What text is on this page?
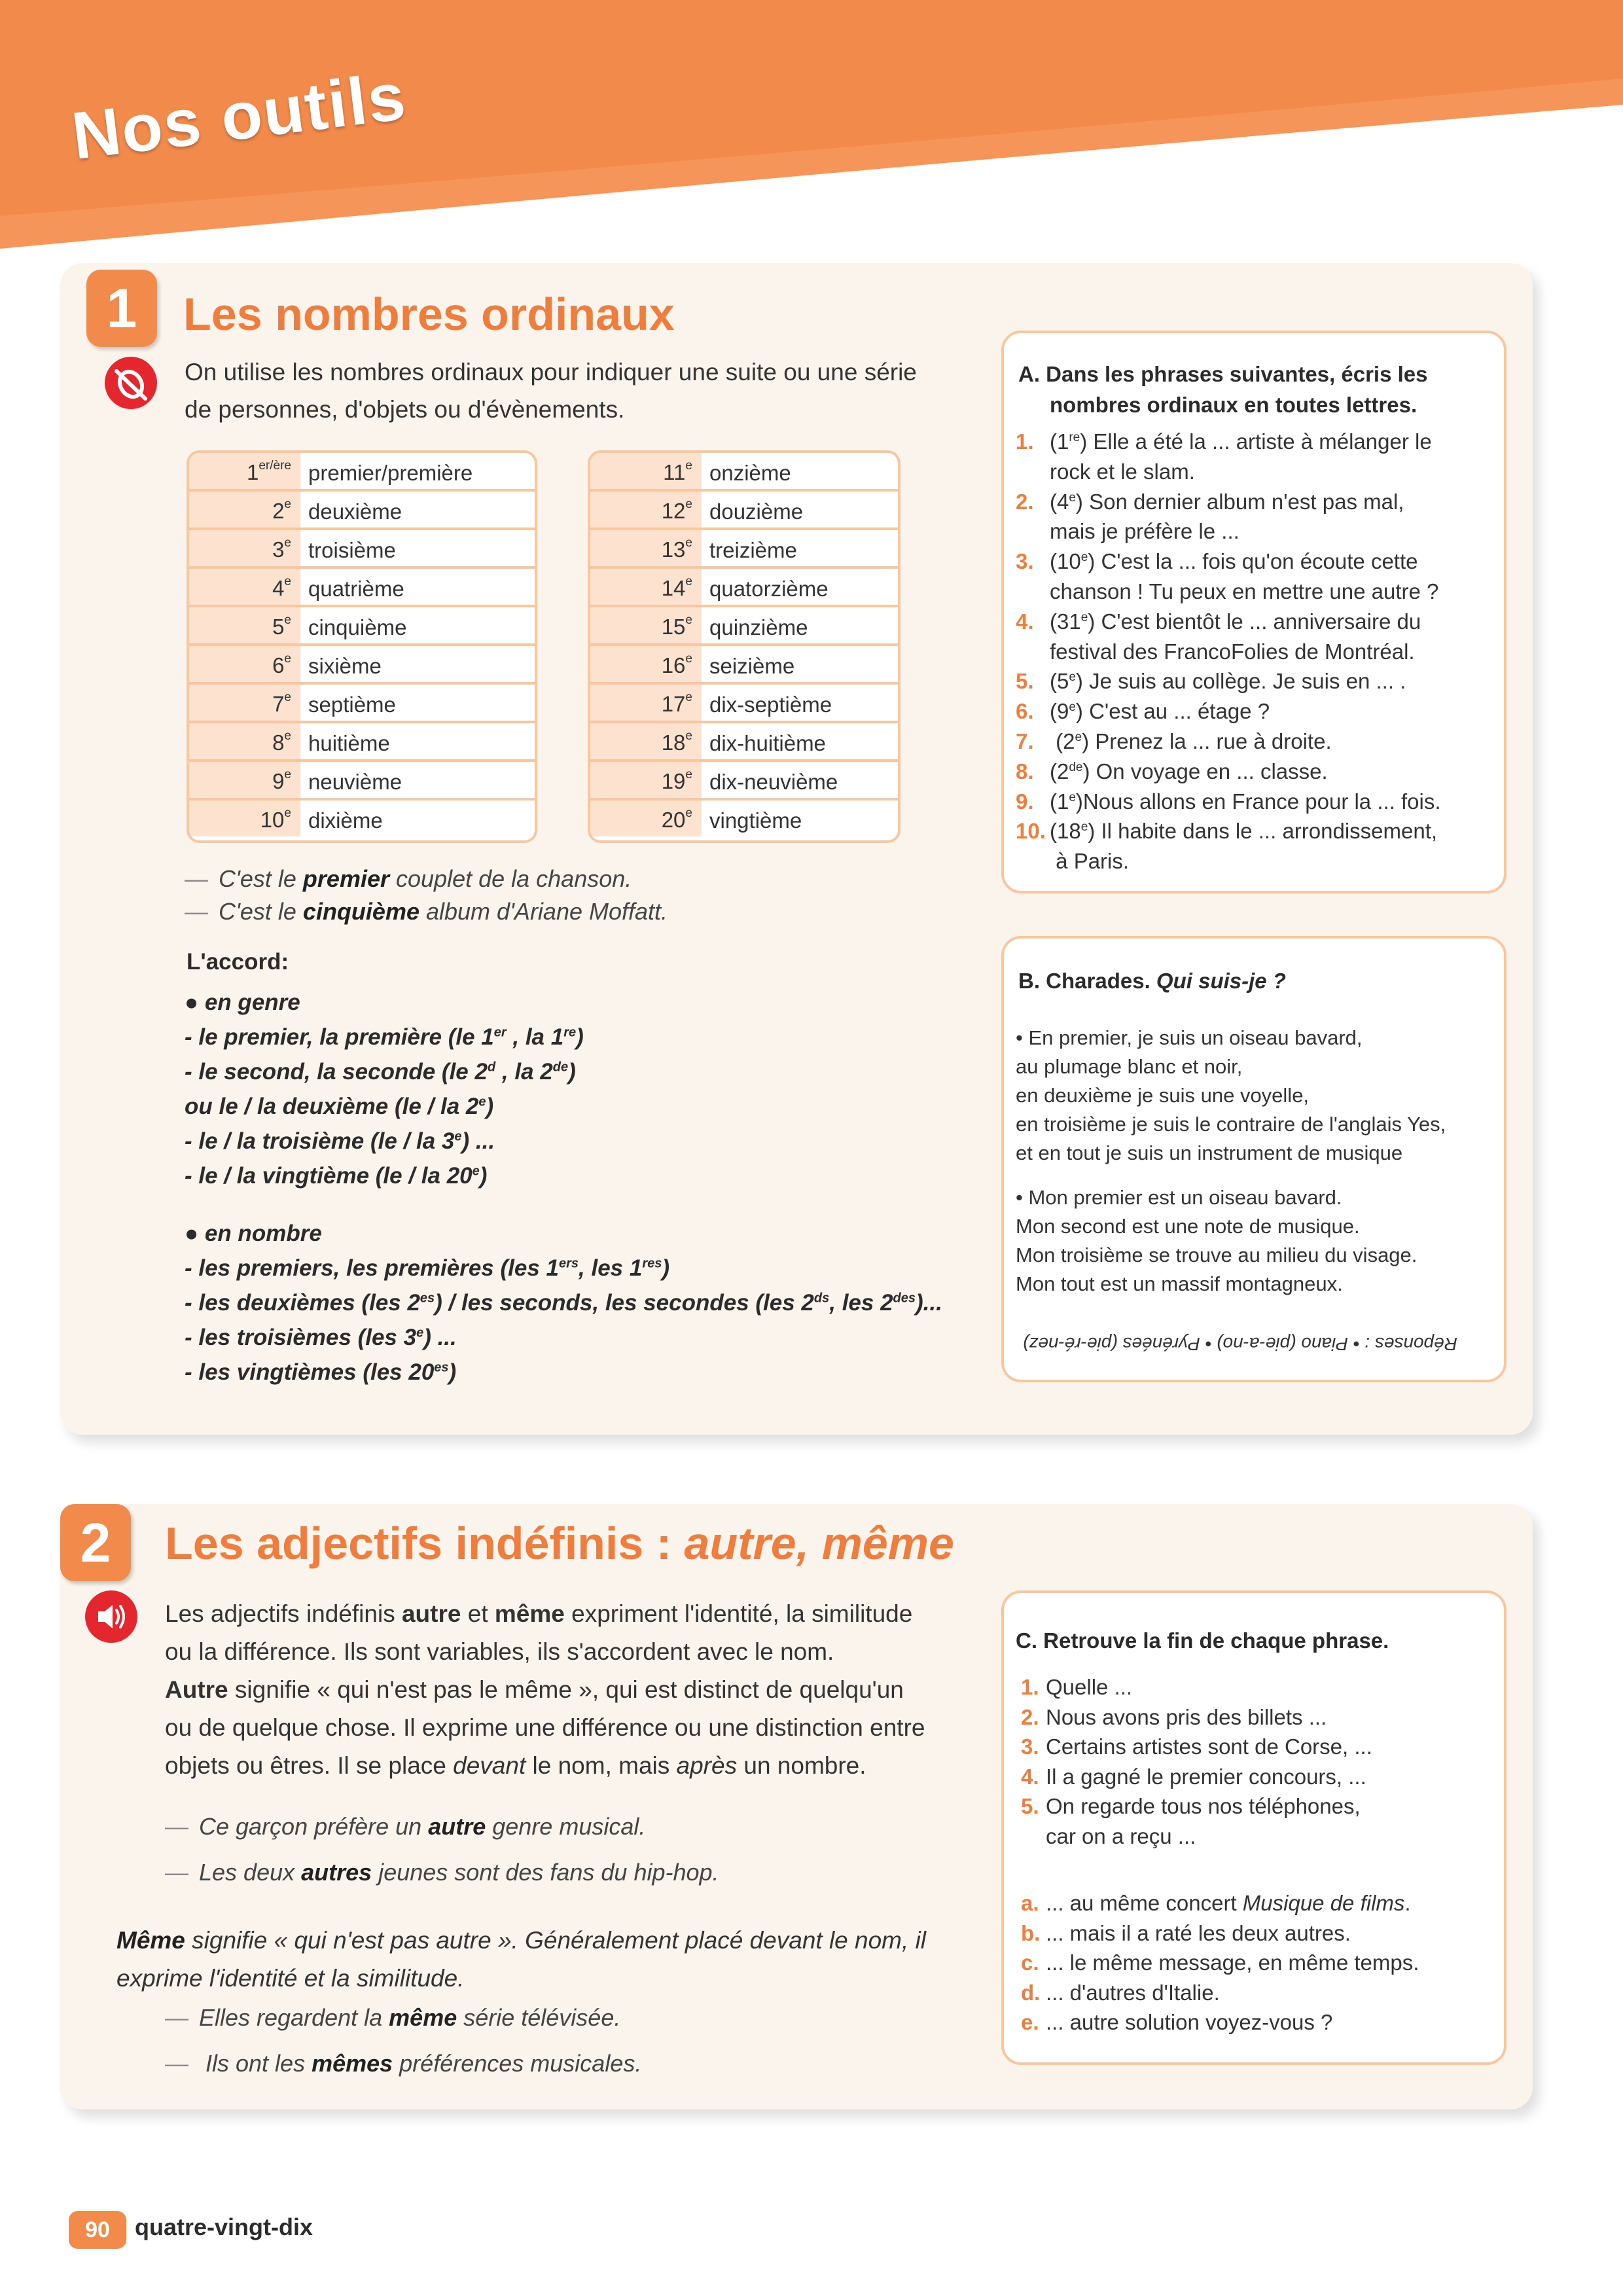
Nos outils
1	Les nombres ordinaux
On utilise les nombres ordinaux pour indiquer une suite ou une série
de personnes, d'objets ou d'évènements.
$1^{er/ère}$ premier/première
2e deuxième
3e troisième
4e quatrième
5e cinquième
6e sixième
7e septième
8e huitième
9e neuvième
10e dixième
11e onzième
12e douzième
13e treizième
14e quatorzième
15e quinzième
16e seizième
17e dix-septième
18e dix-huitième
19e dix-neuvième
20e vingtième
— C'est le premier couplet de la chanson.
— C'est le cinquième album d'Ariane Moffatt.
L'accord:
● en genre
- le premier, la première (le 1er , la 1re)
- le second, la seconde (le 2$^d$ , la 2de)
ou le / la deuxième (le / la 2e)
- le / la troisième (le / la 3e) ...
- le / la vingtième (le / la 20e)
● en nombre
- les premiers, les premières (les 1ers, les 1res)
- les deuxièmes (les $2^{es}$) / les seconds, les secondes (les $2^{ds}$, les $2^{des}$)...
- les troisièmes (les 3e) ...
- les vingtièmes (les $20^{es}$)
A. Dans les phrases suivantes, écris les
nombres ordinaux en toutes lettres.
1. (1re) Elle a été la ... artiste à mélanger le
rock et le slam.
2. (4e) Son dernier album n'est pas mal,
mais je préfère le ...
3. (10e) C'est la ... fois qu'on écoute cette
chanson ! Tu peux en mettre une autre ?
4. (31e) C'est bientôt le ... anniversaire du
festival des FrancoFolies de Montréal.
5. (5e) Je suis au collège. Je suis en ... .
6. (9e) C'est au ... étage ?
7. (2e) Prenez la ... rue à droite.
8. (2de) On voyage en ... classe.
9. (1e)Nous allons en France pour la ... fois.
10. (18e) Il habite dans le ... arrondissement,
à Paris.
B. Charades. Qui suis-je ?
• En premier, je suis un oiseau bavard,
au plumage blanc et noir,
en deuxième je suis une voyelle,
en troisième je suis le contraire de l'anglais Yes,
et en tout je suis un instrument de musique
• Mon premier est un oiseau bavard.
Mon second est une note de musique.
Mon troisième se trouve au milieu du visage.
Mon tout est un massif montagneux.
Réponses : • Piano (pie-a-no) • Pyrénées (pie-ré-nez)
2	Les adjectifs indéfinis : autre, même
Les adjectifs indéfinis autre et même expriment l'identité, la similitude
ou la différence. Ils sont variables, ils s'accordent avec le nom.
Autre signifie « qui n'est pas le même », qui est distinct de quelqu'un
ou de quelque chose. Il exprime une différence ou une distinction entre
objets ou êtres. Il se place devant le nom, mais après un nombre.
— Ce garçon préfère un autre genre musical.
— Les deux autres jeunes sont des fans du hip-hop.
Même signifie « qui n'est pas autre ». Généralement placé devant le nom, il
exprime l'identité et la similitude.
— Elles regardent la même série télévisée.
— Ils ont les mêmes préférences musicales.
C. Retrouve la fin de chaque phrase.
1. Quelle ...
2. Nous avons pris des billets ...
3. Certains artistes sont de Corse, ...
4. Il a gagné le premier concours, ...
5. On regarde tous nos téléphones,
car on a reçu ...
a. ... au même concert Musique de films.
b. ... mais il a raté les deux autres.
c. ... le même message, en même temps.
d. ... d'autres d'Italie.
e. ... autre solution voyez-vous ?
90	quatre-vingt-dix
